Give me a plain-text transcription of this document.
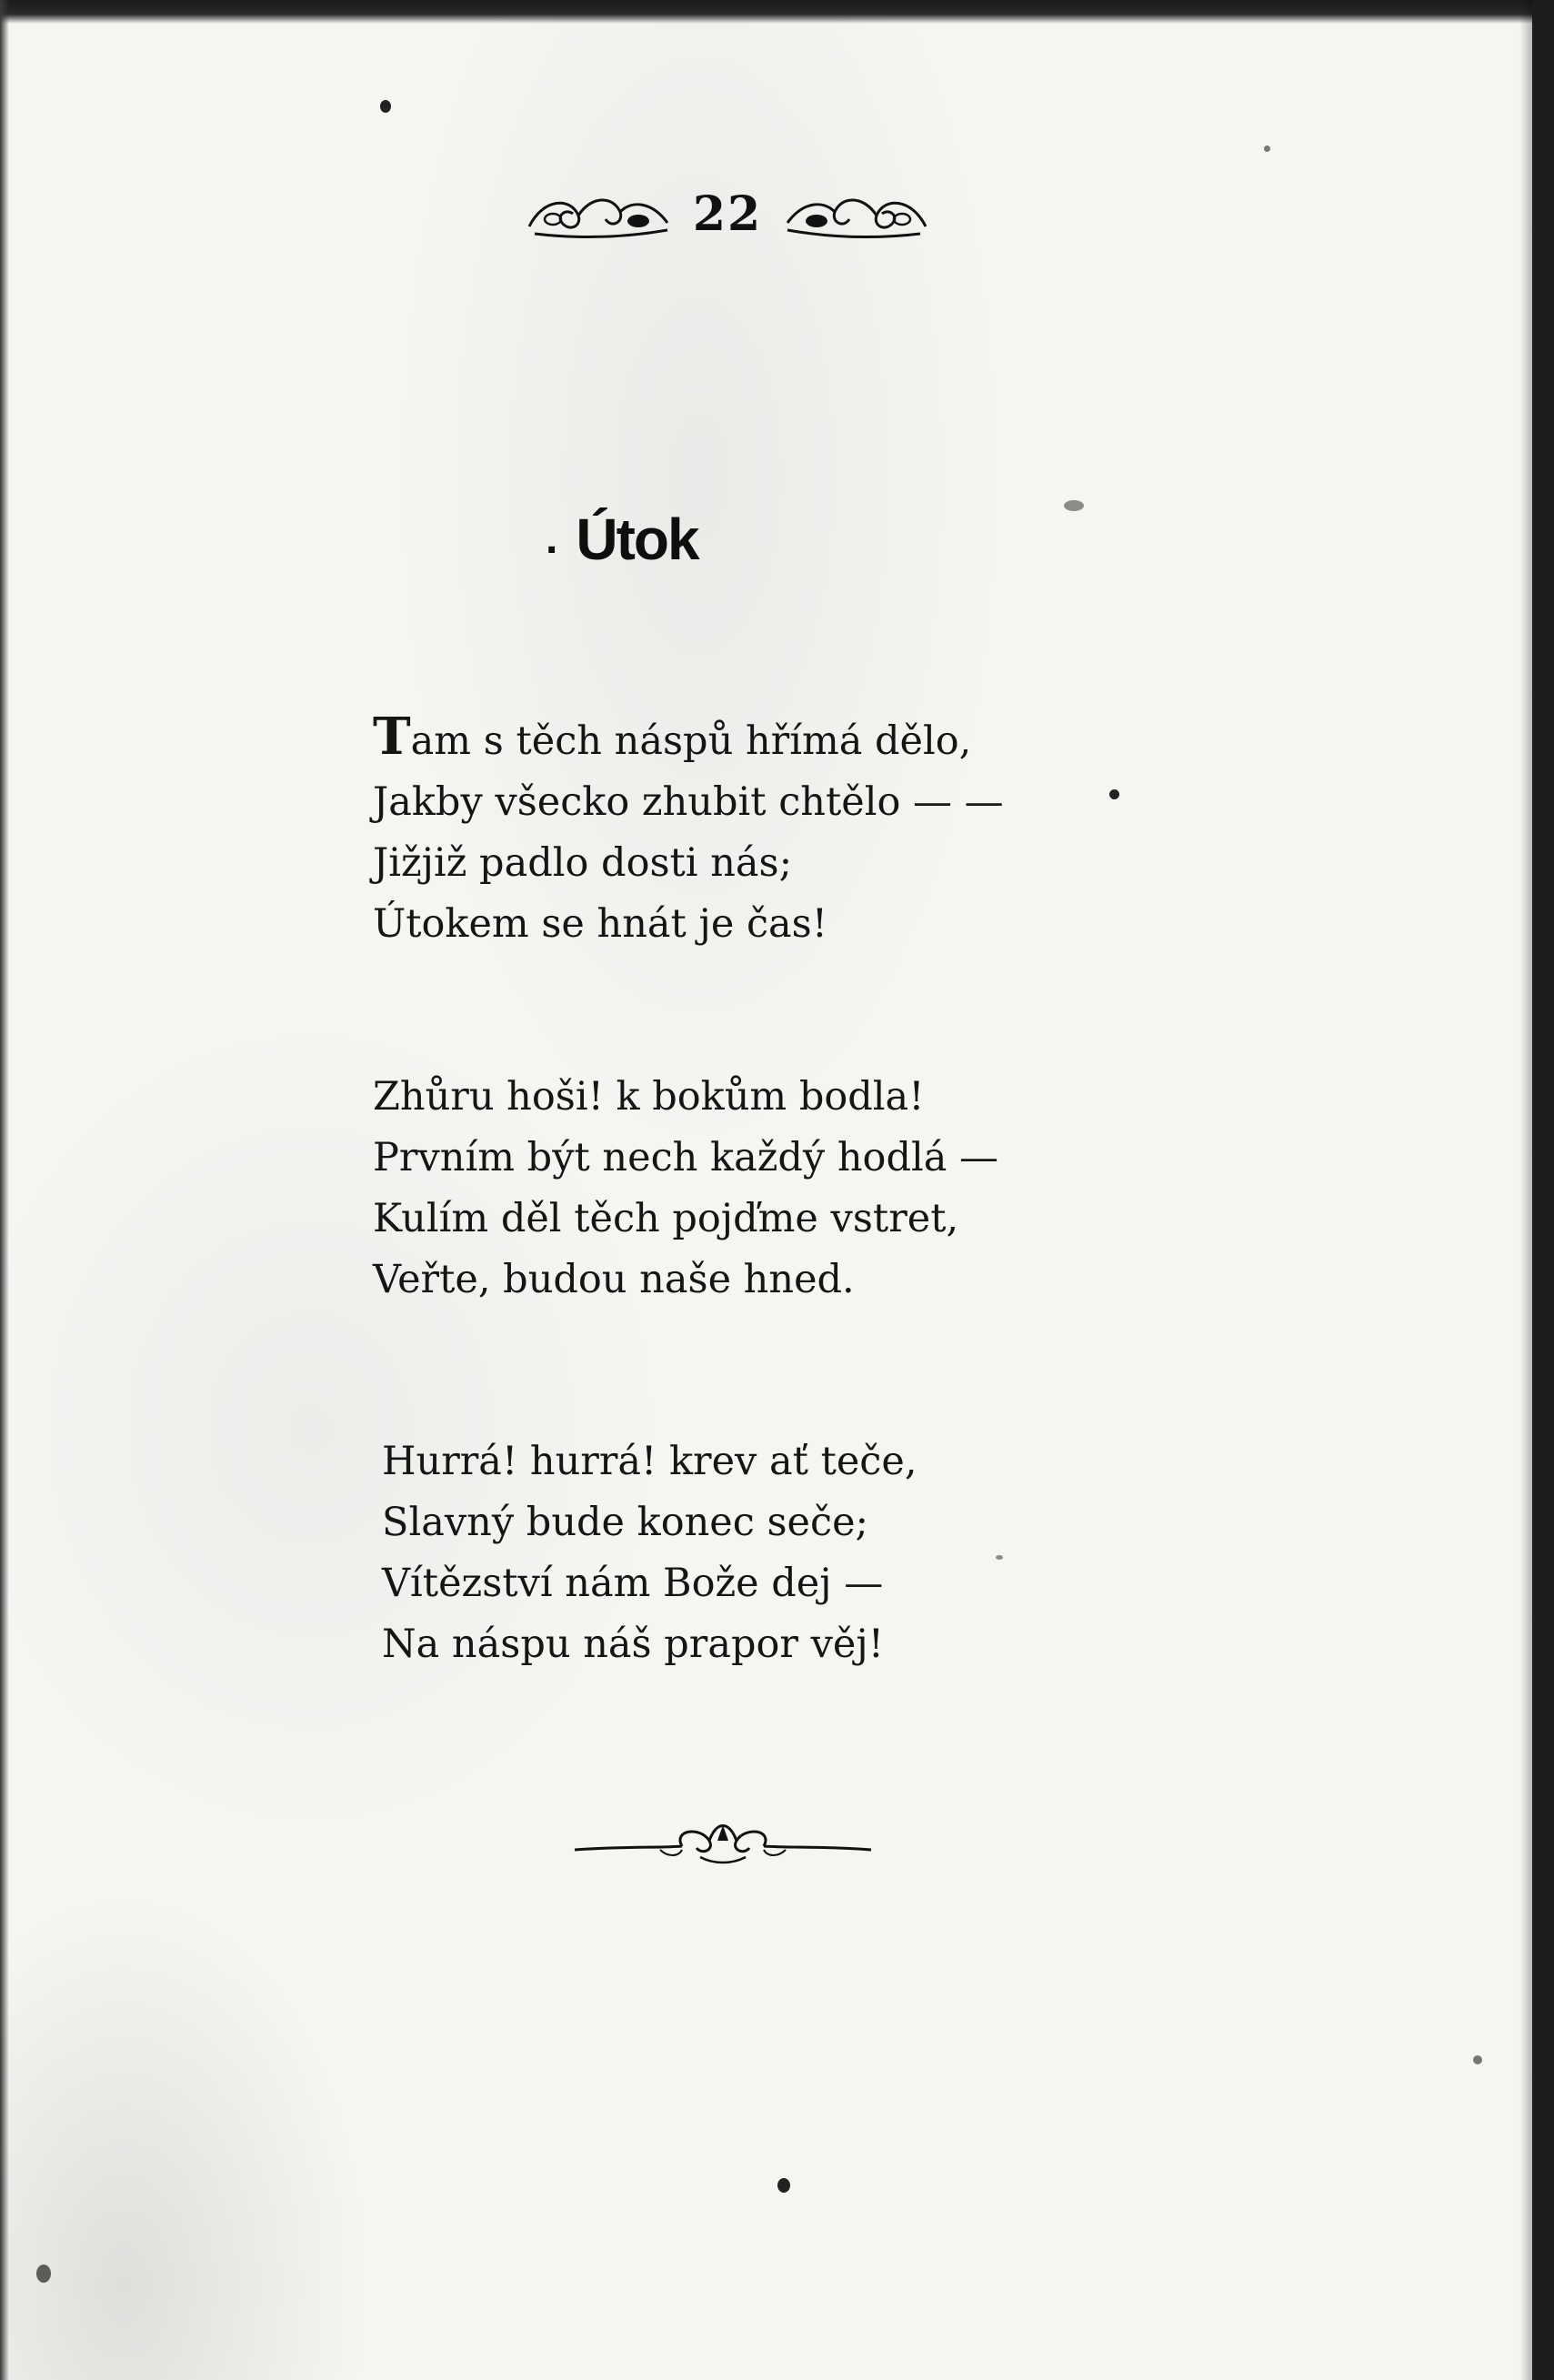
22
. Útok
T am s těch náspů hřímá dělo,
Jakby všecko zhubit chtělo — —
Jižjiž padlo dosti nás;
Útokem se hnát je čas!
Zhůru hoši! k bokům bodla!
Prvním být nech každý hodlá —
Kulím děl těch pojďme vstret,
Veřte, budou naše hned.
Hurrá! hurrá! krev ať teče,
Slavný bude konec seče;
Vítězství nám Bože dej —
Na náspu náš prapor věj!
